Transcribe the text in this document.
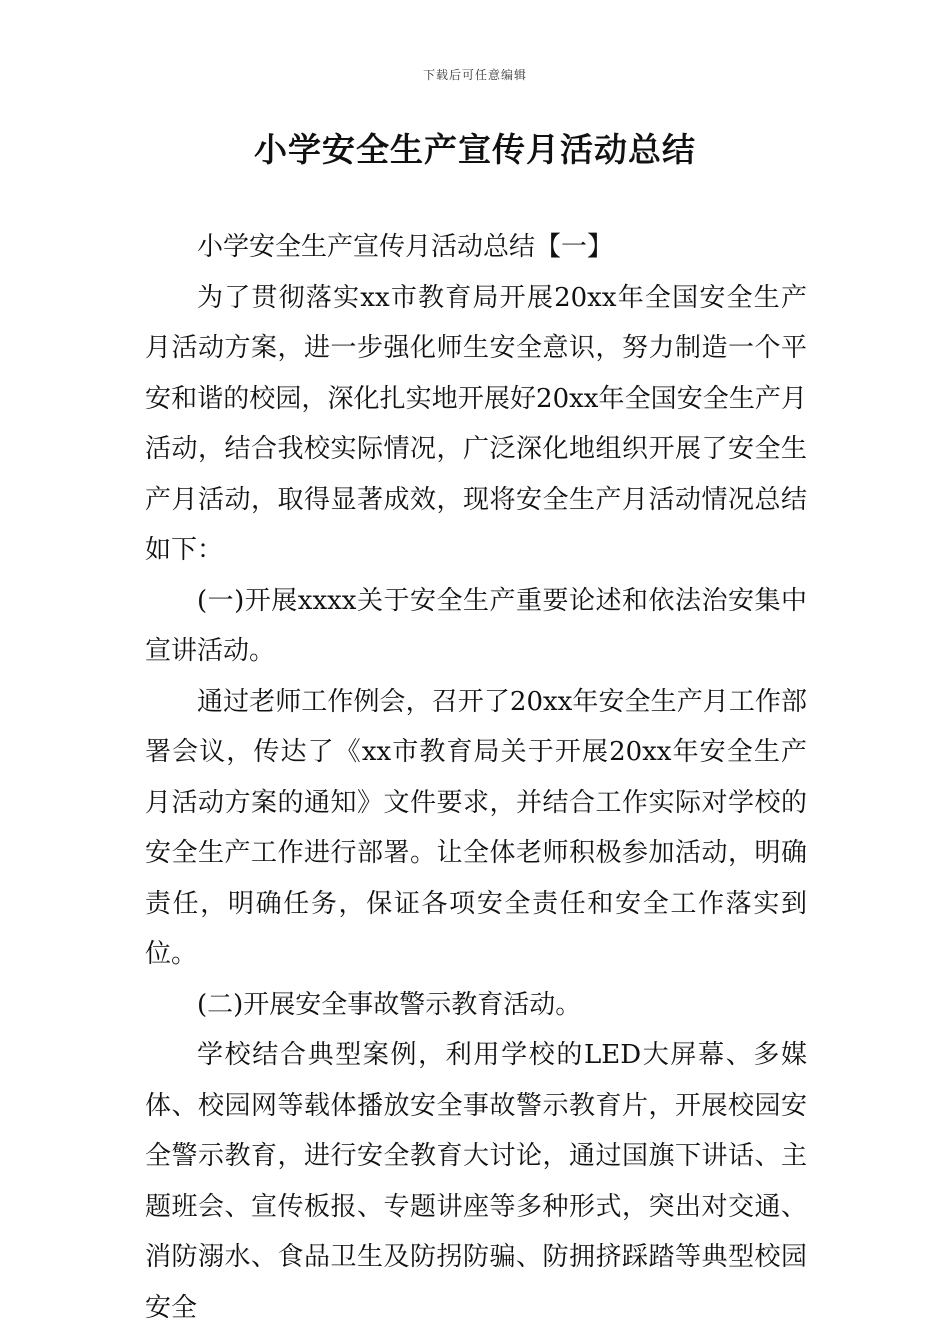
下载后可任意编辑
小学安全生产宣传月活动总结

小学安全生产宣传月活动总结【一】

为了贯彻落实xx市教育局开展20xx年全国安全生产月活动方案，进一步强化师生安全意识，努力制造一个平安和谐的校园，深化扎实地开展好20xx年全国安全生产月活动，结合我校实际情况，广泛深化地组织开展了安全生产月活动，取得显著成效，现将安全生产月活动情况总结如下：

(一)开展xxxx关于安全生产重要论述和依法治安集中宣讲活动。

通过老师工作例会，召开了20xx年安全生产月工作部署会议，传达了《xx市教育局关于开展20xx年安全生产月活动方案的通知》文件要求，并结合工作实际对学校的安全生产工作进行部署。让全体老师积极参加活动，明确责任，明确任务，保证各项安全责任和安全工作落实到位。

(二)开展安全事故警示教育活动。

学校结合典型案例，利用学校的LED大屏幕、多媒体、校园网等载体播放安全事故警示教育片，开展校园安全警示教育，进行安全教育大讨论，通过国旗下讲话、主题班会、宣传板报、专题讲座等多种形式，突出对交通、消防溺水、食品卫生及防拐防骗、防拥挤踩踏等典型校园安全
